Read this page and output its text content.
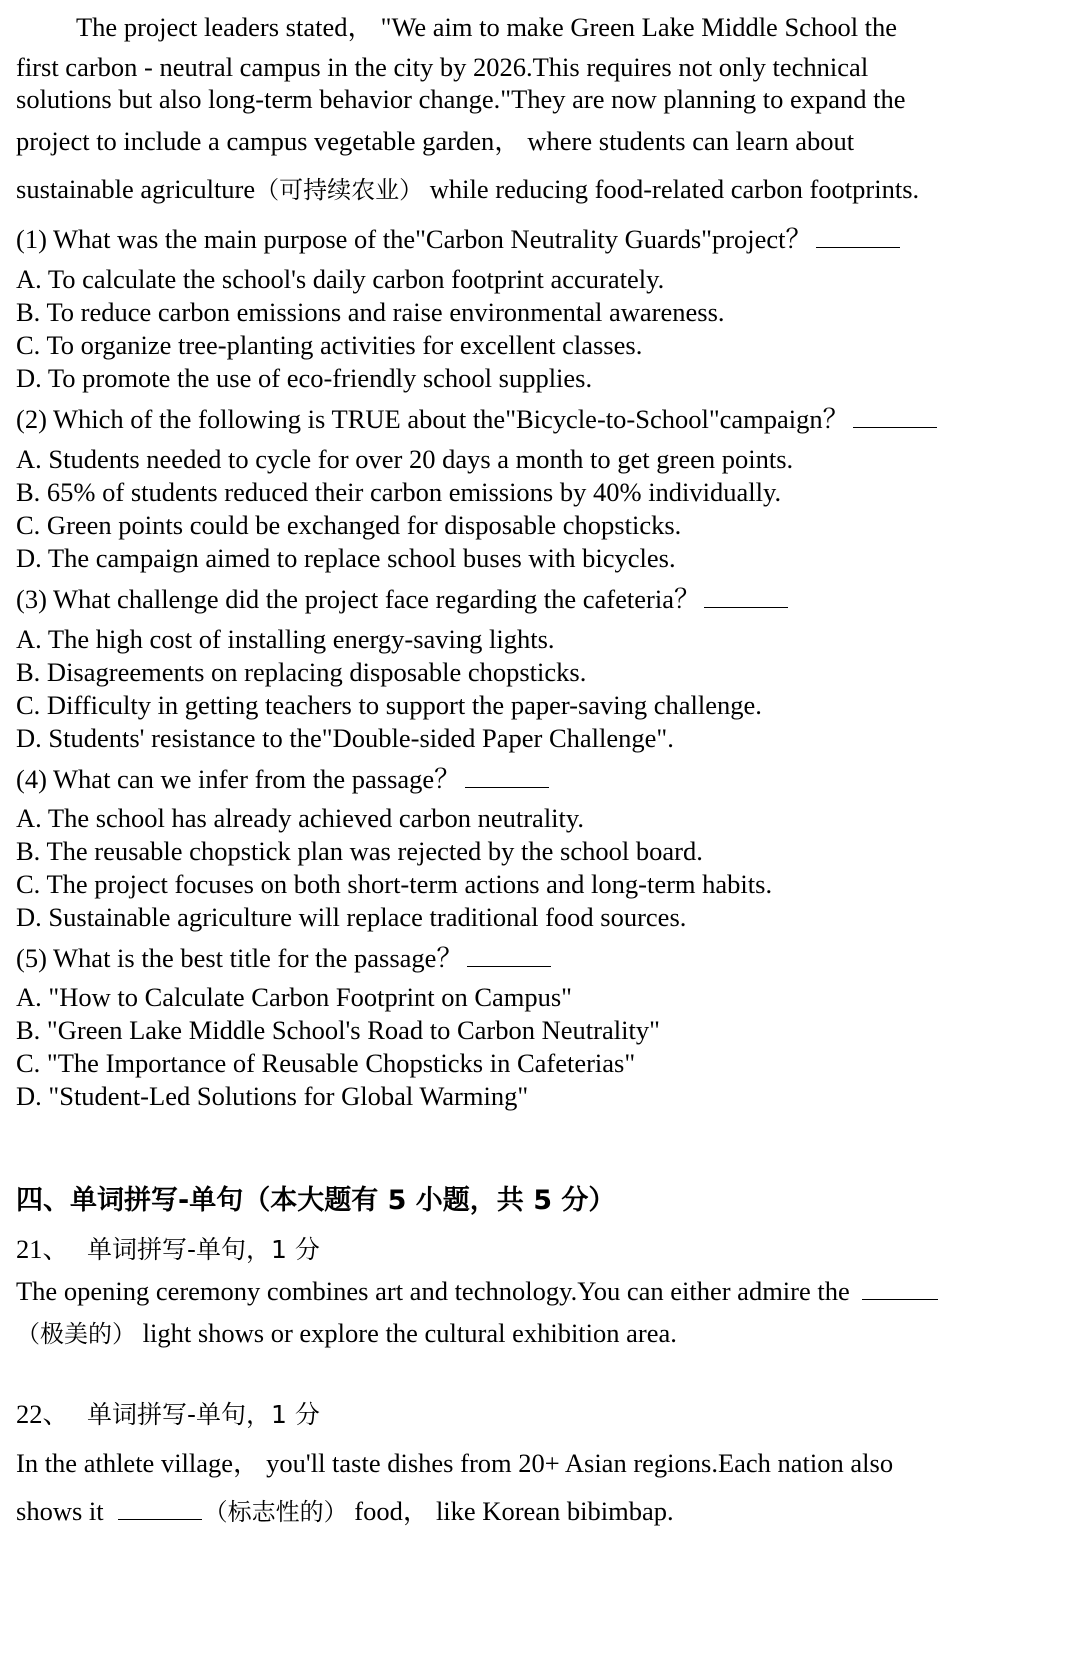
The project leaders stated， "We aim to make Green Lake Middle School the

first carbon - neutral campus in the city by 2026.This requires not only technical

solutions but also long-term behavior change."They are now planning to expand the

project to include a campus vegetable garden， where students can learn about

sustainable agriculture（可持续农业） while reducing food-related carbon footprints.

(1) What was the main purpose of the"Carbon Neutrality Guards"project？

A. To calculate the school's daily carbon footprint accurately.

B. To reduce carbon emissions and raise environmental awareness.

C. To organize tree-planting activities for excellent classes.

D. To promote the use of eco-friendly school supplies.

(2) Which of the following is TRUE about the"Bicycle-to-School"campaign？

A. Students needed to cycle for over 20 days a month to get green points.

B. 65% of students reduced their carbon emissions by 40% individually.

C. Green points could be exchanged for disposable chopsticks.

D. The campaign aimed to replace school buses with bicycles.

(3) What challenge did the project face regarding the cafeteria？

A. The high cost of installing energy-saving lights.

B. Disagreements on replacing disposable chopsticks.

C. Difficulty in getting teachers to support the paper-saving challenge.

D. Students' resistance to the"Double-sided Paper Challenge".

(4) What can we infer from the passage？

A. The school has already achieved carbon neutrality.

B. The reusable chopstick plan was rejected by the school board.

C. The project focuses on both short-term actions and long-term habits.

D. Sustainable agriculture will replace traditional food sources.

(5) What is the best title for the passage？

A. "How to Calculate Carbon Footprint on Campus"

B. "Green Lake Middle School's Road to Carbon Neutrality"

C. "The Importance of Reusable Chopsticks in Cafeterias"

D. "Student-Led Solutions for Global Warming"

四、单词拼写-单句（本大题有 5 小题，共 5 分）

21、 单词拼写-单句，1 分

The opening ceremony combines art and technology.You can either admire the

（极美的） light shows or explore the cultural exhibition area.

22、 单词拼写-单句，1 分

In the athlete village， you'll taste dishes from 20+ Asian regions.Each nation also

shows it	（标志性的） food， like Korean bibimbap.
